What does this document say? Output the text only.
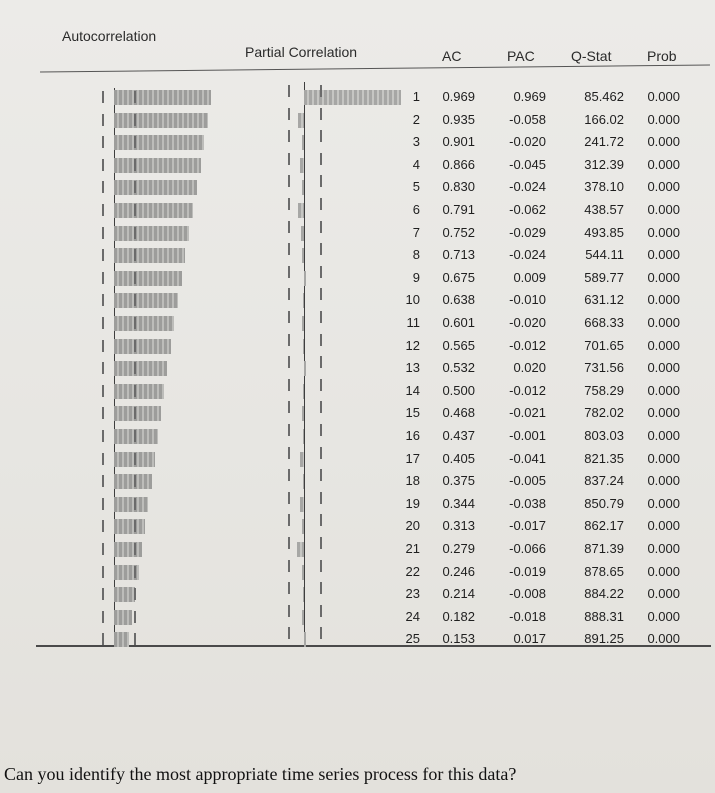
Autocorrelation
Partial Correlation	AC	PAC	Q-Stat	Prob
1	0.969	0.969	85.462	0.000
2	0.935	-0.058	166.02	0.000
3	0.901	-0.020	241.72	0.000
4	0.866	-0.045	312.39	0.000
5	0.830	-0.024	378.10	0.000
6	0.791	-0.062	438.57	0.000
7	0.752	-0.029	493.85	0.000
8	0.713	-0.024	544.11	0.000
9	0.675	0.009	589.77	0.000
10	0.638	-0.010	631.12	0.000
11	0.601	-0.020	668.33	0.000
12	0.565	-0.012	701.65	0.000
13	0.532	0.020	731.56	0.000
14	0.500	-0.012	758.29	0.000
15	0.468	-0.021	782.02	0.000
16	0.437	-0.001	803.03	0.000
17	0.405	-0.041	821.35	0.000
18	0.375	-0.005	837.24	0.000
19	0.344	-0.038	850.79	0.000
20	0.313	-0.017	862.17	0.000
21	0.279	-0.066	871.39	0.000
22	0.246	-0.019	878.65	0.000
23	0.214	-0.008	884.22	0.000
24	0.182	-0.018	888.31	0.000
25	0.153	0.017	891.25	0.000
Can you identify the most appropriate time series process for this data?
